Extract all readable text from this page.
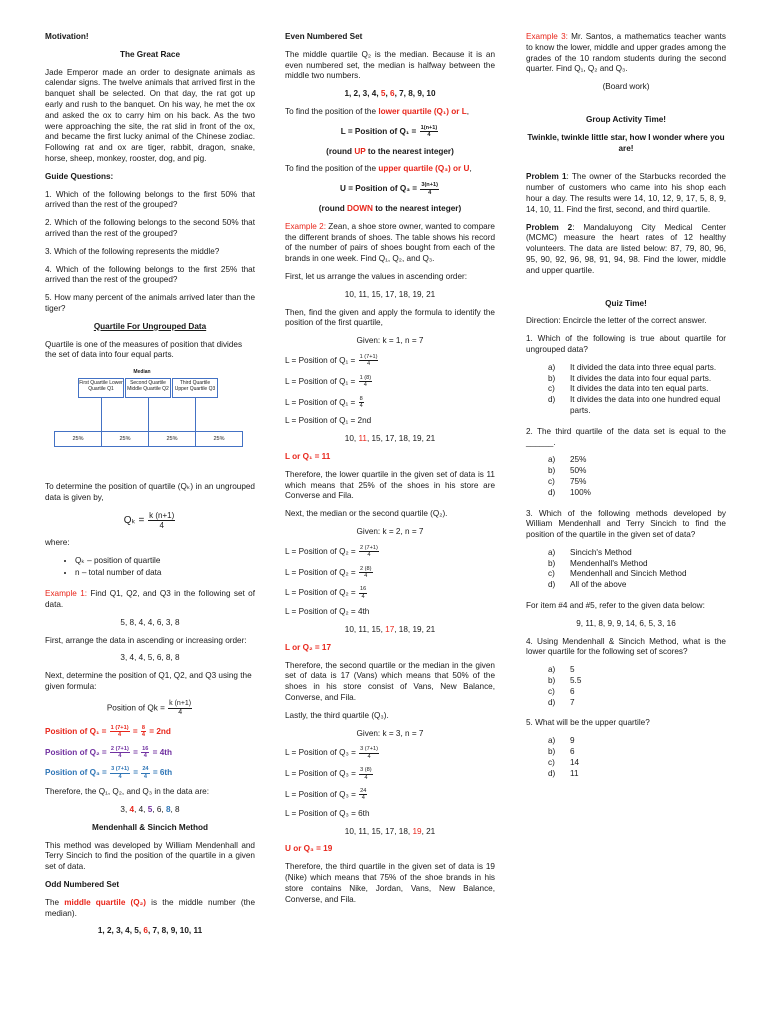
Motivation!

The Great Race

Jade Emperor made an order to designate animals as calendar signs. The twelve animals that arrived first in the banquet shall be selected. On that day, the rat got up early and rush to the banquet. On his way, he met the ox and asked the ox to carry him on his back. As the two were approaching the site, the rat slid in front of the ox, and became the first lucky animal of the Chinese zodiac. Following rat and ox are tiger, rabbit, dragon, snake, horse, sheep, monkey, rooster, dog, and pig.

Guide Questions:

1. Which of the following belongs to the first 50% that arrived than the rest of the grouped?

2. Which of the following belongs to the second 50% that arrived than the rest of the grouped?

3. Which of the following represents the middle?

4. Which of the following belongs to the first 25% that arrived than the rest of the grouped?

5. How many percent of the animals arrived later than the tiger?

Quartile For Ungrouped Data

Quartile is one of the measures of position that divides the set of data into four equal parts.

Median
First Quartile Lower Quartile Q1
Second Quartile Middle Quartile Q2
Third Quartile Upper Quartile Q3
25%	25%	25%	25%

To determine the position of quartile (Qₖ) in an ungrouped data is given by,

$Q_k = \frac{k (n+1)}{4}$

where:

• Qₖ – position of quartile
• n – total number of data

Example 1: Find Q1, Q2, and Q3 in the following set of data.

5, 8, 4, 4, 6, 3, 8

First, arrange the data in ascending or increasing order:

3, 4, 4, 5, 6, 8, 8

Next, determine the position of Q1, Q2, and Q3 using the given formula:

Position of $Qk = \frac{k (n+1)}{4}$

Position of $Q_1 = \frac{1 (7+1)}{4} = \frac{8}{4} = 2nd$

Position of $Q_2 = \frac{2 (7+1)}{4} = \frac{16}{4} = 4th$

Position of $Q_3 = \frac{3 (7+1)}{4} = \frac{24}{4} = 6th$

Therefore, the Q₁, Q₂, and Q₃ in the data are:

3, 4, 4, 5, 6, 8, 8

Mendenhall & Sincich Method

This method was developed by William Mendenhall and Terry Sincich to find the position of the quartile in a given set of data.

Odd Numbered Set

The middle quartile (Q₂) is the middle number (the median).

1, 2, 3, 4, 5, 6, 7, 8, 9, 10, 11

Even Numbered Set

The middle quartile Q₂ is the median. Because it is an even numbered set, the median is halfway between the middle two numbers.

1, 2, 3, 4, 5, 6, 7, 8, 9, 10

To find the position of the lower quartile (Q₁) or L,

L = Position of $Q_1 = \frac{1(n+1)}{4}$

(round UP to the nearest integer)

To find the position of the upper quartile (Q₃) or U,

U = Position of $Q_3 = \frac{3(n+1)}{4}$

(round DOWN to the nearest integer)

Example 2: Zean, a shoe store owner, wanted to compare the different brands of shoes. The table shows his record of the number of pairs of shoes bought from each of the brands in one week. Find Q₁, Q₂, and Q₃.

First, let us arrange the values in ascending order:

10, 11, 15, 17, 18, 19, 21

Then, find the given and apply the formula to identify the position of the first quartile,

Given: k = 1, n = 7

L = Position of $Q_1 = \frac{1 (7+1)}{4}$

L = Position of $Q_1 = \frac{1 (8)}{4}$

L = Position of $Q_1 = \frac{8}{4}$

L = Position of Q₁ = 2nd

10, 11, 15, 17, 18, 19, 21

L or Q₁ = 11

Therefore, the lower quartile in the given set of data is 11 which means that 25% of the shoes in his store are Converse and Fila.

Next, the median or the second quartile (Q₂).

Given: k = 2, n = 7

L = Position of $Q_2 = \frac{2 (7+1)}{4}$

L = Position of $Q_2 = \frac{2 (8)}{4}$

L = Position of $Q_2 = \frac{16}{4}$

L = Position of Q₂ = 4th

10, 11, 15, 17, 18, 19, 21

L or Q₂ = 17

Therefore, the second quartile or the median in the given set of data is 17 (Vans) which means that 50% of the shoes in his store consist of Vans, New Balance, Converse, and Fila.

Lastly, the third quartile (Q₃).

Given: k = 3, n = 7

L = Position of $Q_3 = \frac{3 (7+1)}{4}$

L = Position of $Q_3 = \frac{3 (8)}{4}$

L = Position of $Q_3 = \frac{24}{4}$

L = Position of Q₃ = 6th

10, 11, 15, 17, 18, 19, 21

U or Q₃ = 19

Therefore, the third quartile in the given set of data is 19 (Nike) which means that 75% of the shoe brands in his store contains Nike, Jordan, Vans, New Balance, Converse, and Fila.

Example 3: Mr. Santos, a mathematics teacher wants to know the lower, middle and upper grades among the grades of the 10 random students during the second quarter. Find Q₁, Q₂ and Q₃.

(Board work)

Group Activity Time!

Twinkle, twinkle little star, how I wonder where you are!

Problem 1: The owner of the Starbucks recorded the number of customers who came into his shop each hour a day. The results were 14, 10, 12, 9, 17, 5, 8, 9, 14, 10, 11. Find the first, second, and third quartile.

Problem 2: Mandaluyong City Medical Center (MCMC) measure the heart rates of 12 healthy volunteers. The data are listed below: 87, 79, 80, 96, 95, 90, 92, 96, 98, 91, 94, 98. Find the lower, middle and upper quartile.

Quiz Time!

Direction: Encircle the letter of the correct answer.

1. Which of the following is true about quartile for ungrouped data?

a)	It divided the data into three equal parts.
b)	It divides the data into four equal parts.
c)	It divides the data into ten equal parts.
d)	It divides the data into one hundred equal parts.

2. The third quartile of the data set is equal to the ______.

a)	25%
b)	50%
c)	75%
d)	100%

3. Which of the following methods developed by William Mendenhall and Terry Sincich to find the position of the quartile in the given set of data?

a)	Sincich's Method
b)	Mendenhall's Method
c)	Mendenhall and Sincich Method
d)	All of the above

For item #4 and #5, refer to the given data below:

9, 11, 8, 9, 9, 14, 6, 5, 3, 16

4. Using Mendenhall & Sincich Method, what is the lower quartile for the following set of scores?

a)	5
b)	5.5
c)	6
d)	7

5. What will be the upper quartile?

a)	9
b)	6
c)	14
d)	11
